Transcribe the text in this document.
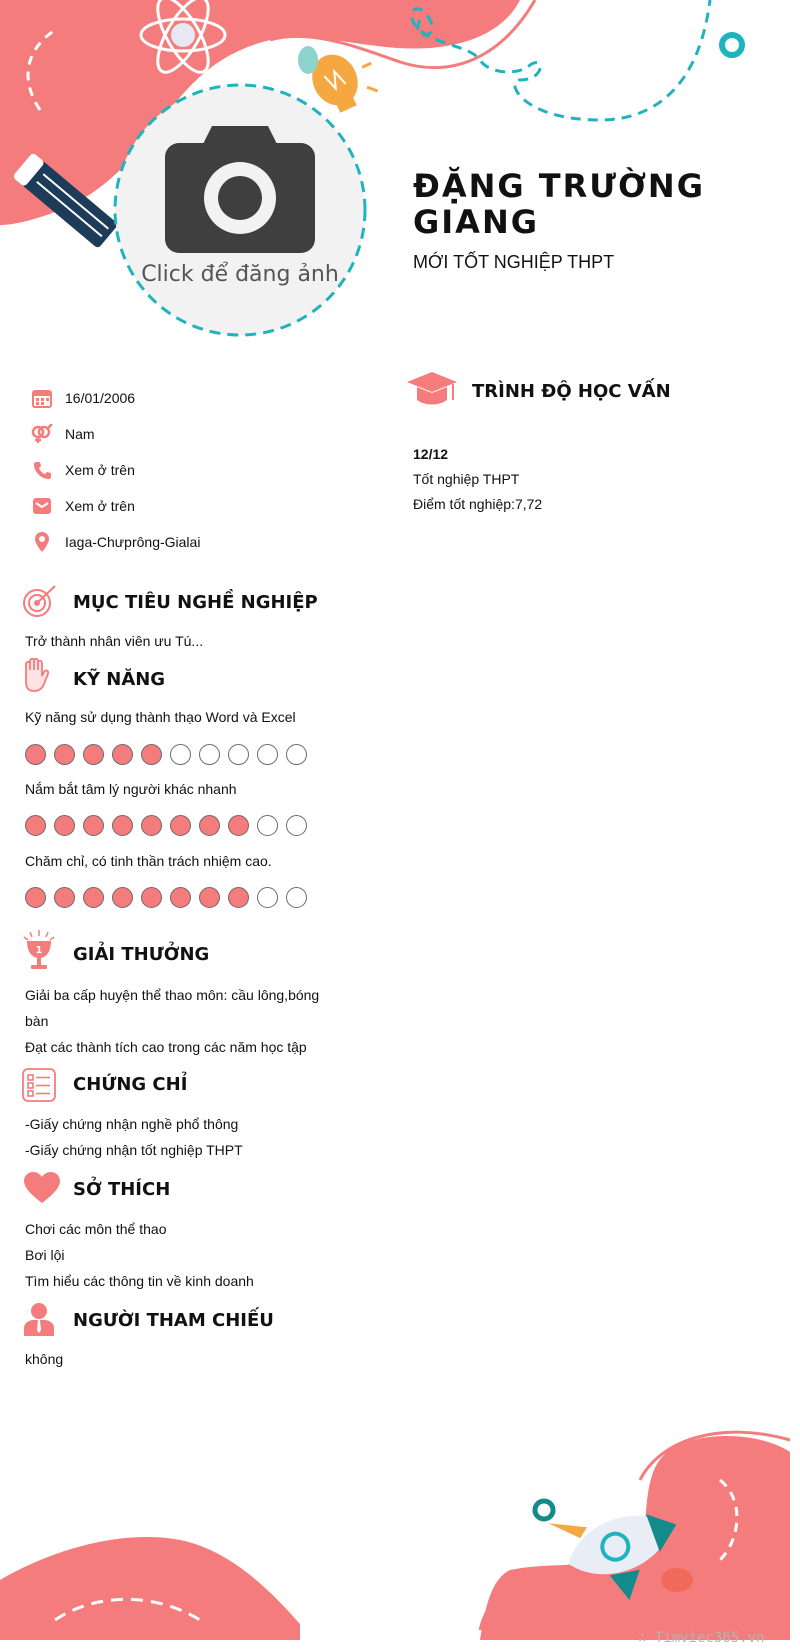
Click để đăng ảnh
ĐẶNG TRƯỜNG GIANG
MỚI TỐT NGHIỆP THPT
16/01/2006
Nam
Xem ở trên
Xem ở trên
Iaga-Chưprông-Gialai
TRÌNH ĐỘ HỌC VẤN
12/12
Tốt nghiệp THPT
Điểm tốt nghiệp:7,72
MỤC TIÊU NGHỀ NGHIỆP
Trở thành nhân viên ưu Tú...
KỸ NĂNG
Kỹ năng sử dụng thành thạo Word và Excel
Nắm bắt tâm lý người khác nhanh
Chăm chỉ, có tinh thần trách nhiệm cao.
1 GIẢI THƯỞNG
Giải ba cấp huyện thể thao môn: cầu lông,bóng
bàn
Đạt các thành tích cao trong các năm học tập
CHỨNG CHỈ
-Giấy chứng nhận nghề phổ thông
-Giấy chứng nhận tốt nghiệp THPT
SỞ THÍCH
Chơi các môn thể thao
Bơi lội
Tìm hiểu các thông tin về kinh doanh
NGƯỜI THAM CHIẾU
không
∴ Timviec365.vn
